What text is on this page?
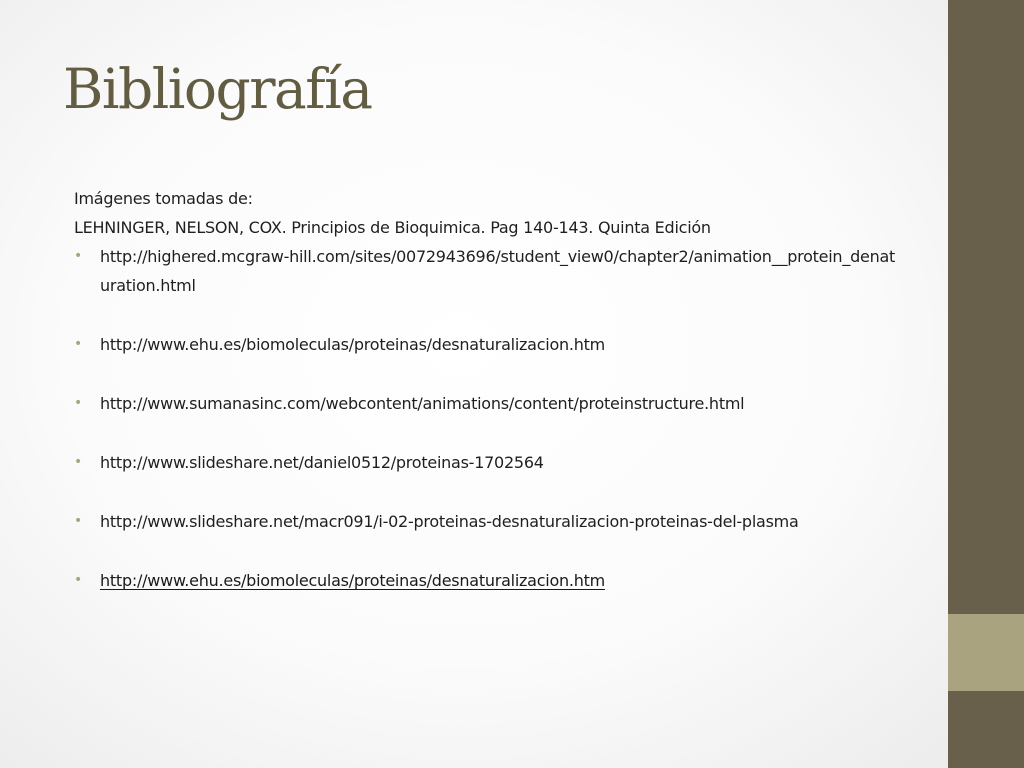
Bibliografía

Imágenes tomadas de:

LEHNINGER, NELSON, COX. Principios de Bioquimica. Pag 140-143. Quinta Edición

• http://highered.mcgraw-hill.com/sites/0072943696/student_view0/chapter2/animation__protein_denaturation.html
• http://www.ehu.es/biomoleculas/proteinas/desnaturalizacion.htm
• http://www.sumanasinc.com/webcontent/animations/content/proteinstructure.html
• http://www.slideshare.net/daniel0512/proteinas-1702564
• http://www.slideshare.net/macr091/i-02-proteinas-desnaturalizacion-proteinas-del-plasma
• http://www.ehu.es/biomoleculas/proteinas/desnaturalizacion.htm
